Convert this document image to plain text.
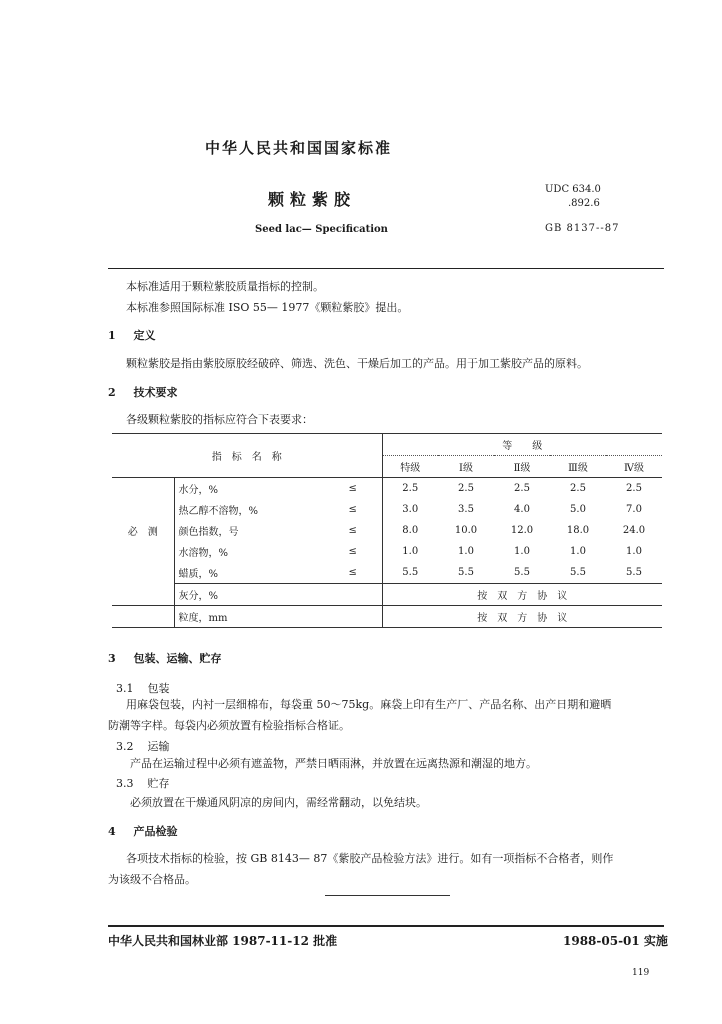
中华人民共和国国家标准
颗粒紫胶
Seed lac— Specification
UDC 634.0
.892.6
GB 8137--87
本标准适用于颗粒紫胶质量指标的控制。
本标准参照国际标准 ISO 55— 1977《颗粒紫胶》提出。
1 定义
颗粒紫胶是指由紫胶原胶经破碎、筛选、洗色、干燥后加工的产品。用于加工紫胶产品的原料。
2 技术要求
各级颗粒紫胶的指标应符合下表要求：
指　标　名　称			等　　级				
			特级	Ⅰ级	Ⅱ级	Ⅲ级	Ⅳ级
必　测	水分，%	≤	2.5	2.5	2.5	2.5	2.5
	热乙醇不溶物，%	≤	3.0	3.5	4.0	5.0	7.0
	颜色指数，号	≤	8.0	10.0	12.0	18.0	24.0
	水溶物，%	≤	1.0	1.0	1.0	1.0	1.0
	蜡质，%	≤	5.5	5.5	5.5	5.5	5.5
	灰分，%		按　双　方　协　议				
	粒度，mm		按　双　方　协　议				
3 包装、运输、贮存
3.1 包装
用麻袋包装，内衬一层细棉布，每袋重 50～75kg。麻袋上印有生产厂、产品名称、出产日期和避晒
防潮等字样。每袋内必须放置有检验指标合格证。
3.2 运输
产品在运输过程中必须有遮盖物，严禁日晒雨淋，并放置在远离热源和潮湿的地方。
3.3 贮存
必须放置在干燥通风阴凉的房间内，需经常翻动，以免结块。
4 产品检验
各项技术指标的检验，按 GB 8143— 87《紫胶产品检验方法》进行。如有一项指标不合格者，则作
为该级不合格品。
中华人民共和国林业部 1987-11-12 批准	1988-05-01 实施
119
